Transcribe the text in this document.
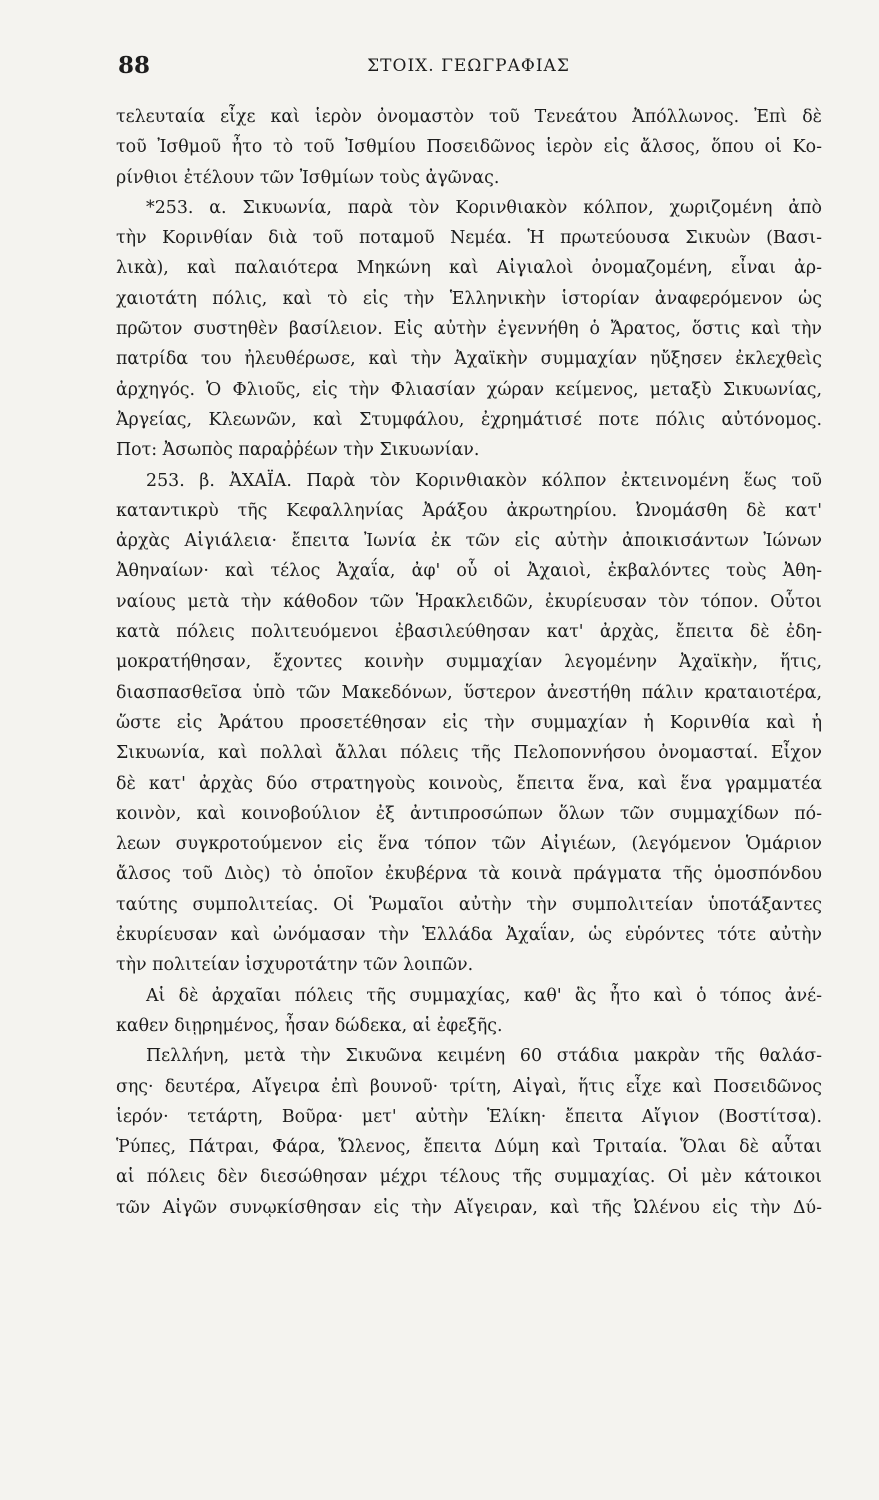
88	ΣΤΟΙΧ. ΓΕΩΓΡΑΦΙΑΣ
τελευταία εἶχε καὶ ἱερὸν ὀνομαστὸν τοῦ Τενεάτου Ἀπόλλωνος. Ἐπὶ δὲ
τοῦ Ἰσθμοῦ ἦτο τὸ τοῦ Ἰσθμίου Ποσειδῶνος ἱερὸν εἰς ἄλσος, ὅπου οἱ Κο-
ρίνθιοι ἐτέλουν τῶν Ἰσθμίων τοὺς ἀγῶνας.
*253. α. Σικυωνία, παρὰ τὸν Κορινθιακὸν κόλπον, χωριζομένη ἀπὸ
τὴν Κορινθίαν διὰ τοῦ ποταμοῦ Νεμέα. Ἡ πρωτεύουσα Σικυὼν (Βασι-
λικὰ), καὶ παλαιότερα Μηκώνη καὶ Αἰγιαλοὶ ὀνομαζομένη, εἶναι ἀρ-
χαιοτάτη πόλις, καὶ τὸ εἰς τὴν Ἑλληνικὴν ἱστορίαν ἀναφερόμενον ὡς
πρῶτον συστηθὲν βασίλειον. Εἰς αὐτὴν ἐγεννήθη ὁ Ἄρατος, ὅστις καὶ τὴν
πατρίδα του ἠλευθέρωσε, καὶ τὴν Ἀχαϊκὴν συμμαχίαν ηὔξησεν ἐκλεχθεὶς
ἀρχηγός. Ὁ Φλιοῦς, εἰς τὴν Φλιασίαν χώραν κείμενος, μεταξὺ Σικυωνίας,
Ἀργείας, Κλεωνῶν, καὶ Στυμφάλου, ἐχρημάτισέ ποτε πόλις αὐτόνομος.
Ποτ: Ἀσωπὸς παραῤῥέων τὴν Σικυωνίαν.
253. β. ἈΧΑΪΑ. Παρὰ τὸν Κορινθιακὸν κόλπον ἐκτεινομένη ἕως τοῦ
καταντικρὺ τῆς Κεφαλληνίας Ἀράξου ἀκρωτηρίου. Ὠνομάσθη δὲ κατ'
ἀρχὰς Αἰγιάλεια· ἔπειτα Ἰωνία ἐκ τῶν εἰς αὐτὴν ἀποικισάντων Ἰώνων
Ἀθηναίων· καὶ τέλος Ἀχαΐα, ἀφ' οὗ οἱ Ἀχαιοὶ, ἐκβαλόντες τοὺς Ἀθη-
ναίους μετὰ τὴν κάθοδον τῶν Ἡρακλειδῶν, ἐκυρίευσαν τὸν τόπον. Οὗτοι
κατὰ πόλεις πολιτευόμενοι ἐβασιλεύθησαν κατ' ἀρχὰς, ἔπειτα δὲ ἐδη-
μοκρατήθησαν, ἔχοντες κοινὴν συμμαχίαν λεγομένην Ἀχαϊκὴν, ἥτις,
διασπασθεῖσα ὑπὸ τῶν Μακεδόνων, ὕστερον ἀνεστήθη πάλιν κραταιοτέρα,
ὥστε εἰς Ἀράτου προσετέθησαν εἰς τὴν συμμαχίαν ἡ Κορινθία καὶ ἡ
Σικυωνία, καὶ πολλαὶ ἄλλαι πόλεις τῆς Πελοποννήσου ὀνομασταί. Εἶχον
δὲ κατ' ἀρχὰς δύο στρατηγοὺς κοινοὺς, ἔπειτα ἕνα, καὶ ἕνα γραμματέα
κοινὸν, καὶ κοινοβούλιον ἐξ ἀντιπροσώπων ὅλων τῶν συμμαχίδων πό-
λεων συγκροτούμενον εἰς ἕνα τόπον τῶν Αἰγιέων, (λεγόμενον Ὁμάριον
ἄλσος τοῦ Διὸς) τὸ ὁποῖον ἐκυβέρνα τὰ κοινὰ πράγματα τῆς ὁμοσπόνδου
ταύτης συμπολιτείας. Οἱ Ῥωμαῖοι αὐτὴν τὴν συμπολιτείαν ὑποτάξαντες
ἐκυρίευσαν καὶ ὠνόμασαν τὴν Ἑλλάδα Ἀχαΐαν, ὡς εὑρόντες τότε αὐτὴν
τὴν πολιτείαν ἰσχυροτάτην τῶν λοιπῶν.
Αἱ δὲ ἀρχαῖαι πόλεις τῆς συμμαχίας, καθ' ἃς ἦτο καὶ ὁ τόπος ἀνέ-
καθεν διῃρημένος, ἦσαν δώδεκα, αἱ ἐφεξῆς.
Πελλήνη, μετὰ τὴν Σικυῶνα κειμένη 60 στάδια μακρὰν τῆς θαλάσ-
σης· δευτέρα, Αἴγειρα ἐπὶ βουνοῦ· τρίτη, Αἰγαὶ, ἥτις εἶχε καὶ Ποσειδῶνος
ἱερόν· τετάρτη, Βοῦρα· μετ' αὐτὴν Ἑλίκη· ἔπειτα Αἴγιον (Βοστίτσα).
Ῥύπες, Πάτραι, Φάρα, Ὤλενος, ἔπειτα Δύμη καὶ Τριταία. Ὅλαι δὲ αὗται
αἱ πόλεις δὲν διεσώθησαν μέχρι τέλους τῆς συμμαχίας. Οἱ μὲν κάτοικοι
τῶν Αἰγῶν συνῳκίσθησαν εἰς τὴν Αἴγειραν, καὶ τῆς Ὠλένου εἰς τὴν Δύ-
